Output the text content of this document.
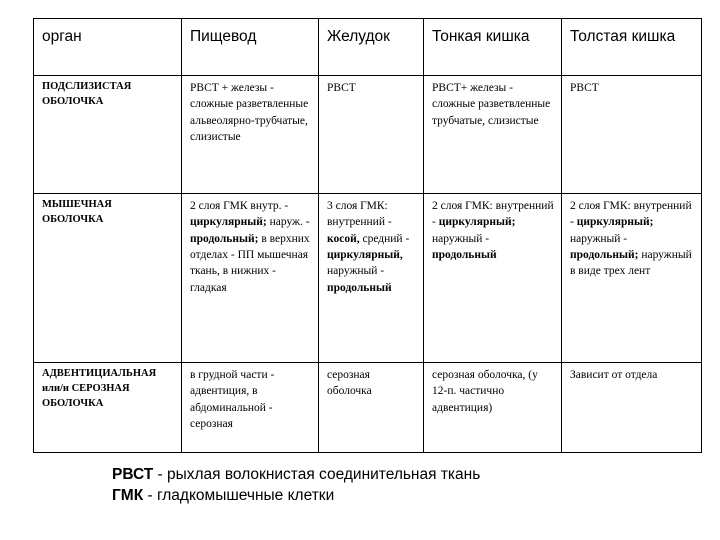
орган	Пищевод	Желудок	Тонкая кишка	Толстая кишка
ПОДСЛИЗИСТАЯ ОБОЛОЧКА	РВСТ + железы - сложные разветвленные альвеолярно-трубчатые, слизистые	РВСТ	РВСТ+ железы - сложные разветвленные трубчатые, слизистые	РВСТ
МЫШЕЧНАЯ ОБОЛОЧКА	2 слоя ГМК внутр. - циркулярный; наруж. - продольный; в верхних отделах - ПП мышечная ткань, в нижних - гладкая	3 слоя ГМК: внутренний - косой, средний - циркулярный, наружный - продольный	2 слоя ГМК: внутренний - циркулярный; наружный - продольный	2 слоя ГМК: внутренний - циркулярный; наружный - продольный; наружный в виде трех лент
АДВЕНТИЦИАЛЬНАЯ или/и СЕРОЗНАЯ ОБОЛОЧКА	в грудной части - адвентиция, в абдоминальной - серозная	серозная оболочка	серозная оболочка, (у 12-п. частично адвентиция)	Зависит от отдела
РВСТ - рыхлая волокнистая соединительная ткань
ГМК - гладкомышечные клетки
